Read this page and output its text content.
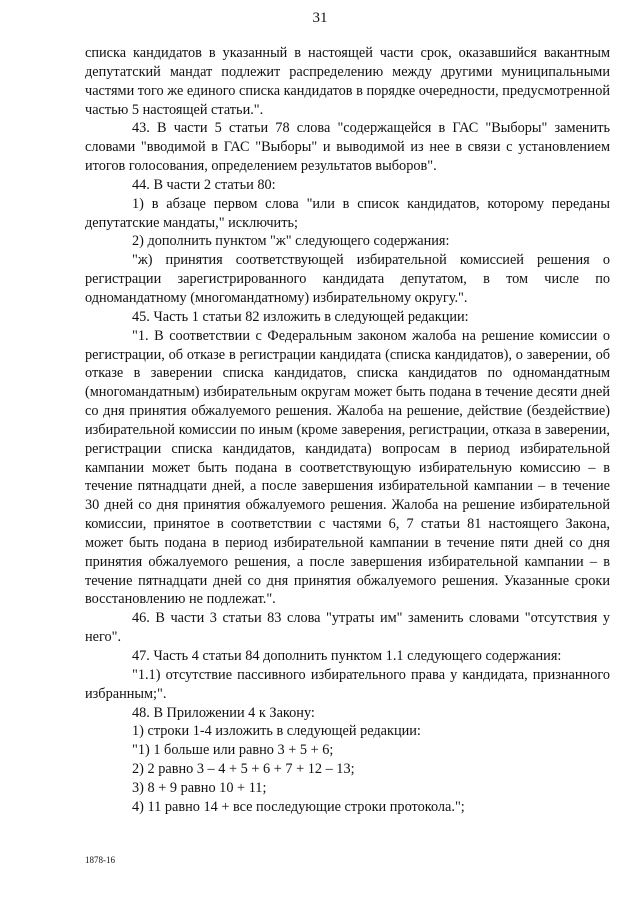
31

списка кандидатов в указанный в настоящей части срок, оказавшийся вакантным депутатский мандат подлежит распределению между другими муниципальными частями того же единого списка кандидатов в порядке очередности, предусмотренной частью 5 настоящей статьи.".

43. В части 5 статьи 78 слова "содержащейся в ГАС "Выборы" заменить словами "вводимой в ГАС "Выборы" и выводимой из нее в связи с установлением итогов голосования, определением результатов выборов".

44. В части 2 статьи 80:

1) в абзаце первом слова "или в список кандидатов, которому переданы депутатские мандаты," исключить;

2) дополнить пунктом "ж" следующего содержания:

"ж) принятия соответствующей избирательной комиссией решения о регистрации зарегистрированного кандидата депутатом, в том числе по одномандатному (многомандатному) избирательному округу.".

45. Часть 1 статьи 82 изложить в следующей редакции:

"1. В соответствии с Федеральным законом жалоба на решение комиссии о регистрации, об отказе в регистрации кандидата (списка кандидатов), о заверении, об отказе в заверении списка кандидатов, списка кандидатов по одномандатным (многомандатным) избирательным округам может быть подана в течение десяти дней со дня принятия обжалуемого решения. Жалоба на решение, действие (бездействие) избирательной комиссии по иным (кроме заверения, регистрации, отказа в заверении, регистрации списка кандидатов, кандидата) вопросам в период избирательной кампании может быть подана в соответствующую избирательную комиссию – в течение пятнадцати дней, а после завершения избирательной кампании – в течение 30 дней со дня принятия обжалуемого решения. Жалоба на решение избирательной комиссии, принятое в соответствии с частями 6, 7 статьи 81 настоящего Закона, может быть подана в период избирательной кампании в течение пяти дней со дня принятия обжалуемого решения, а после завершения избирательной кампании – в течение пятнадцати дней со дня принятия обжалуемого решения. Указанные сроки восстановлению не подлежат.".

46. В части 3 статьи 83 слова "утраты им" заменить словами "отсутствия у него".

47. Часть 4 статьи 84 дополнить пунктом 1.1 следующего содержания:

"1.1) отсутствие пассивного избирательного права у кандидата, признанного избранным;".

48. В Приложении 4 к Закону:

1) строки 1-4 изложить в следующей редакции:

"1) 1 больше или равно 3 + 5 + 6;

2) 2 равно 3 – 4 + 5 + 6 + 7 + 12 – 13;

3) 8 + 9 равно 10 + 11;

4) 11 равно 14 + все последующие строки протокола.";

1878-16
